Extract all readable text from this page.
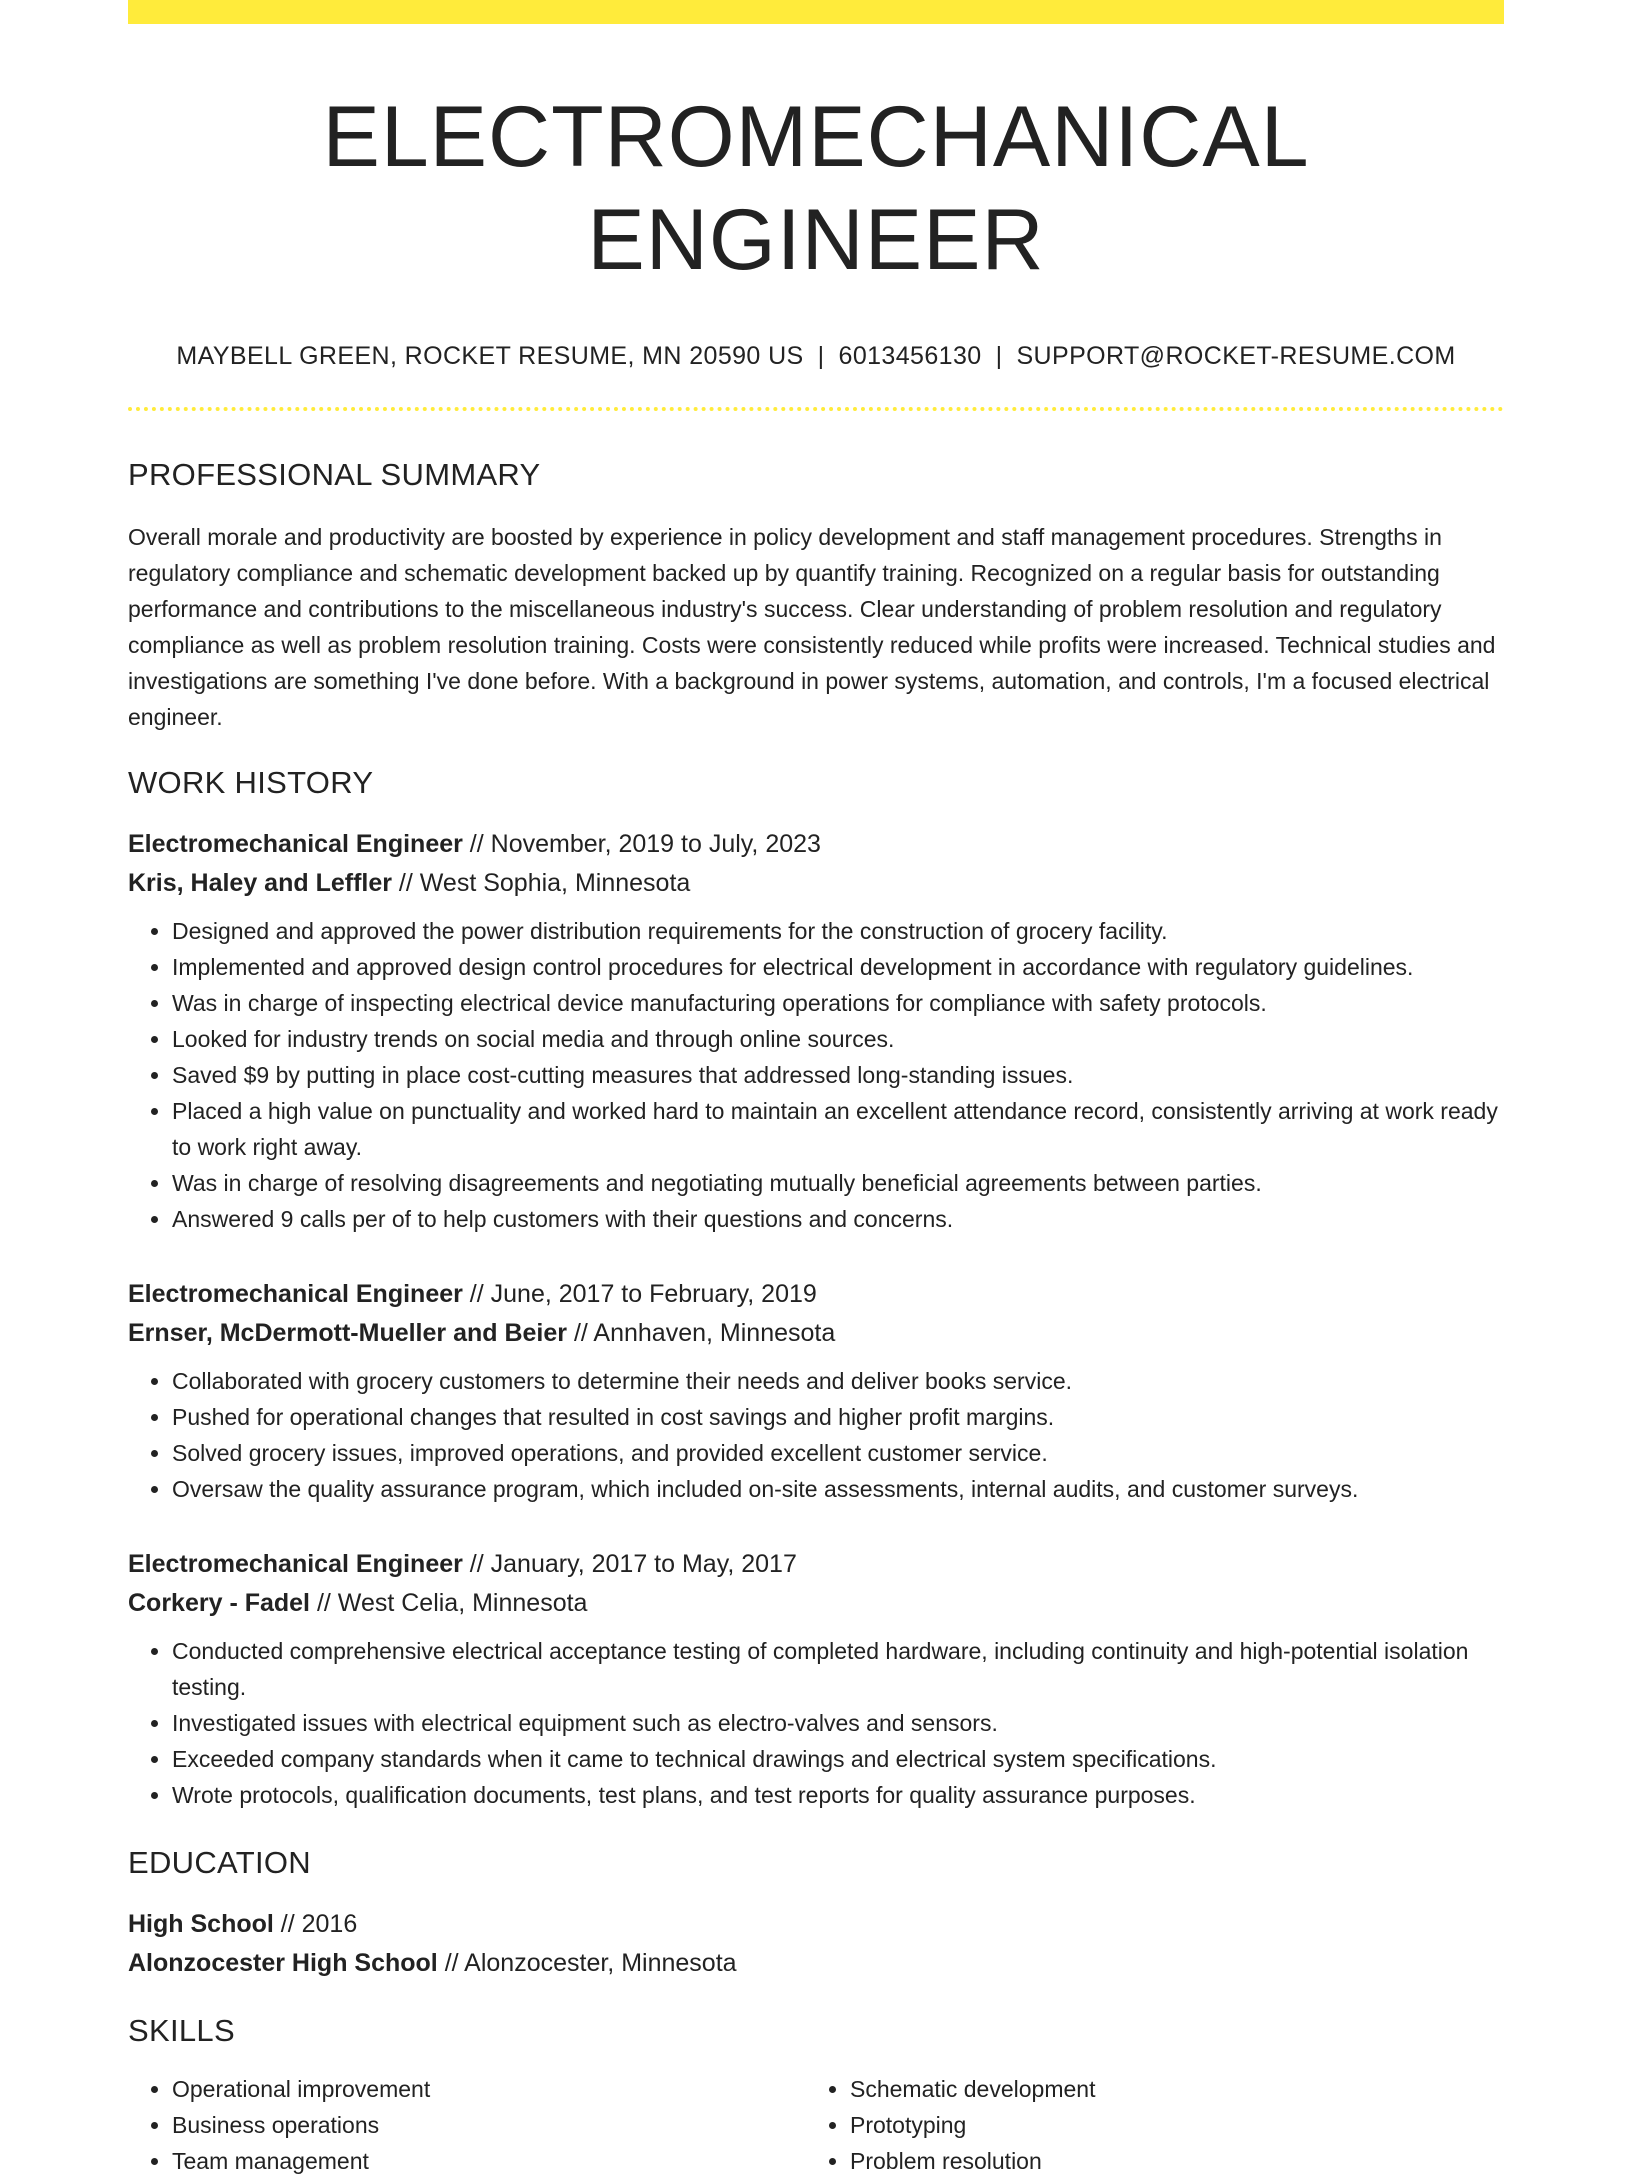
ELECTROMECHANICAL ENGINEER
MAYBELL GREEN, ROCKET RESUME, MN 20590 US | 6013456130 | SUPPORT@ROCKET-RESUME.COM
PROFESSIONAL SUMMARY
Overall morale and productivity are boosted by experience in policy development and staff management procedures. Strengths in regulatory compliance and schematic development backed up by quantify training. Recognized on a regular basis for outstanding performance and contributions to the miscellaneous industry's success. Clear understanding of problem resolution and regulatory compliance as well as problem resolution training. Costs were consistently reduced while profits were increased. Technical studies and investigations are something I've done before. With a background in power systems, automation, and controls, I'm a focused electrical engineer.
WORK HISTORY
Electromechanical Engineer // November, 2019 to July, 2023
Kris, Haley and Leffler // West Sophia, Minnesota
• Designed and approved the power distribution requirements for the construction of grocery facility.
• Implemented and approved design control procedures for electrical development in accordance with regulatory guidelines.
• Was in charge of inspecting electrical device manufacturing operations for compliance with safety protocols.
• Looked for industry trends on social media and through online sources.
• Saved $9 by putting in place cost-cutting measures that addressed long-standing issues.
• Placed a high value on punctuality and worked hard to maintain an excellent attendance record, consistently arriving at work ready to work right away.
• Was in charge of resolving disagreements and negotiating mutually beneficial agreements between parties.
• Answered 9 calls per of to help customers with their questions and concerns.
Electromechanical Engineer // June, 2017 to February, 2019
Ernser, McDermott-Mueller and Beier // Annhaven, Minnesota
• Collaborated with grocery customers to determine their needs and deliver books service.
• Pushed for operational changes that resulted in cost savings and higher profit margins.
• Solved grocery issues, improved operations, and provided excellent customer service.
• Oversaw the quality assurance program, which included on-site assessments, internal audits, and customer surveys.
Electromechanical Engineer // January, 2017 to May, 2017
Corkery - Fadel // West Celia, Minnesota
• Conducted comprehensive electrical acceptance testing of completed hardware, including continuity and high-potential isolation testing.
• Investigated issues with electrical equipment such as electro-valves and sensors.
• Exceeded company standards when it came to technical drawings and electrical system specifications.
• Wrote protocols, qualification documents, test plans, and test reports for quality assurance purposes.
EDUCATION
High School // 2016
Alonzocester High School // Alonzocester, Minnesota
SKILLS
• Operational improvement
• Business operations
• Team management
• Schematic development
• Prototyping
• Problem resolution
